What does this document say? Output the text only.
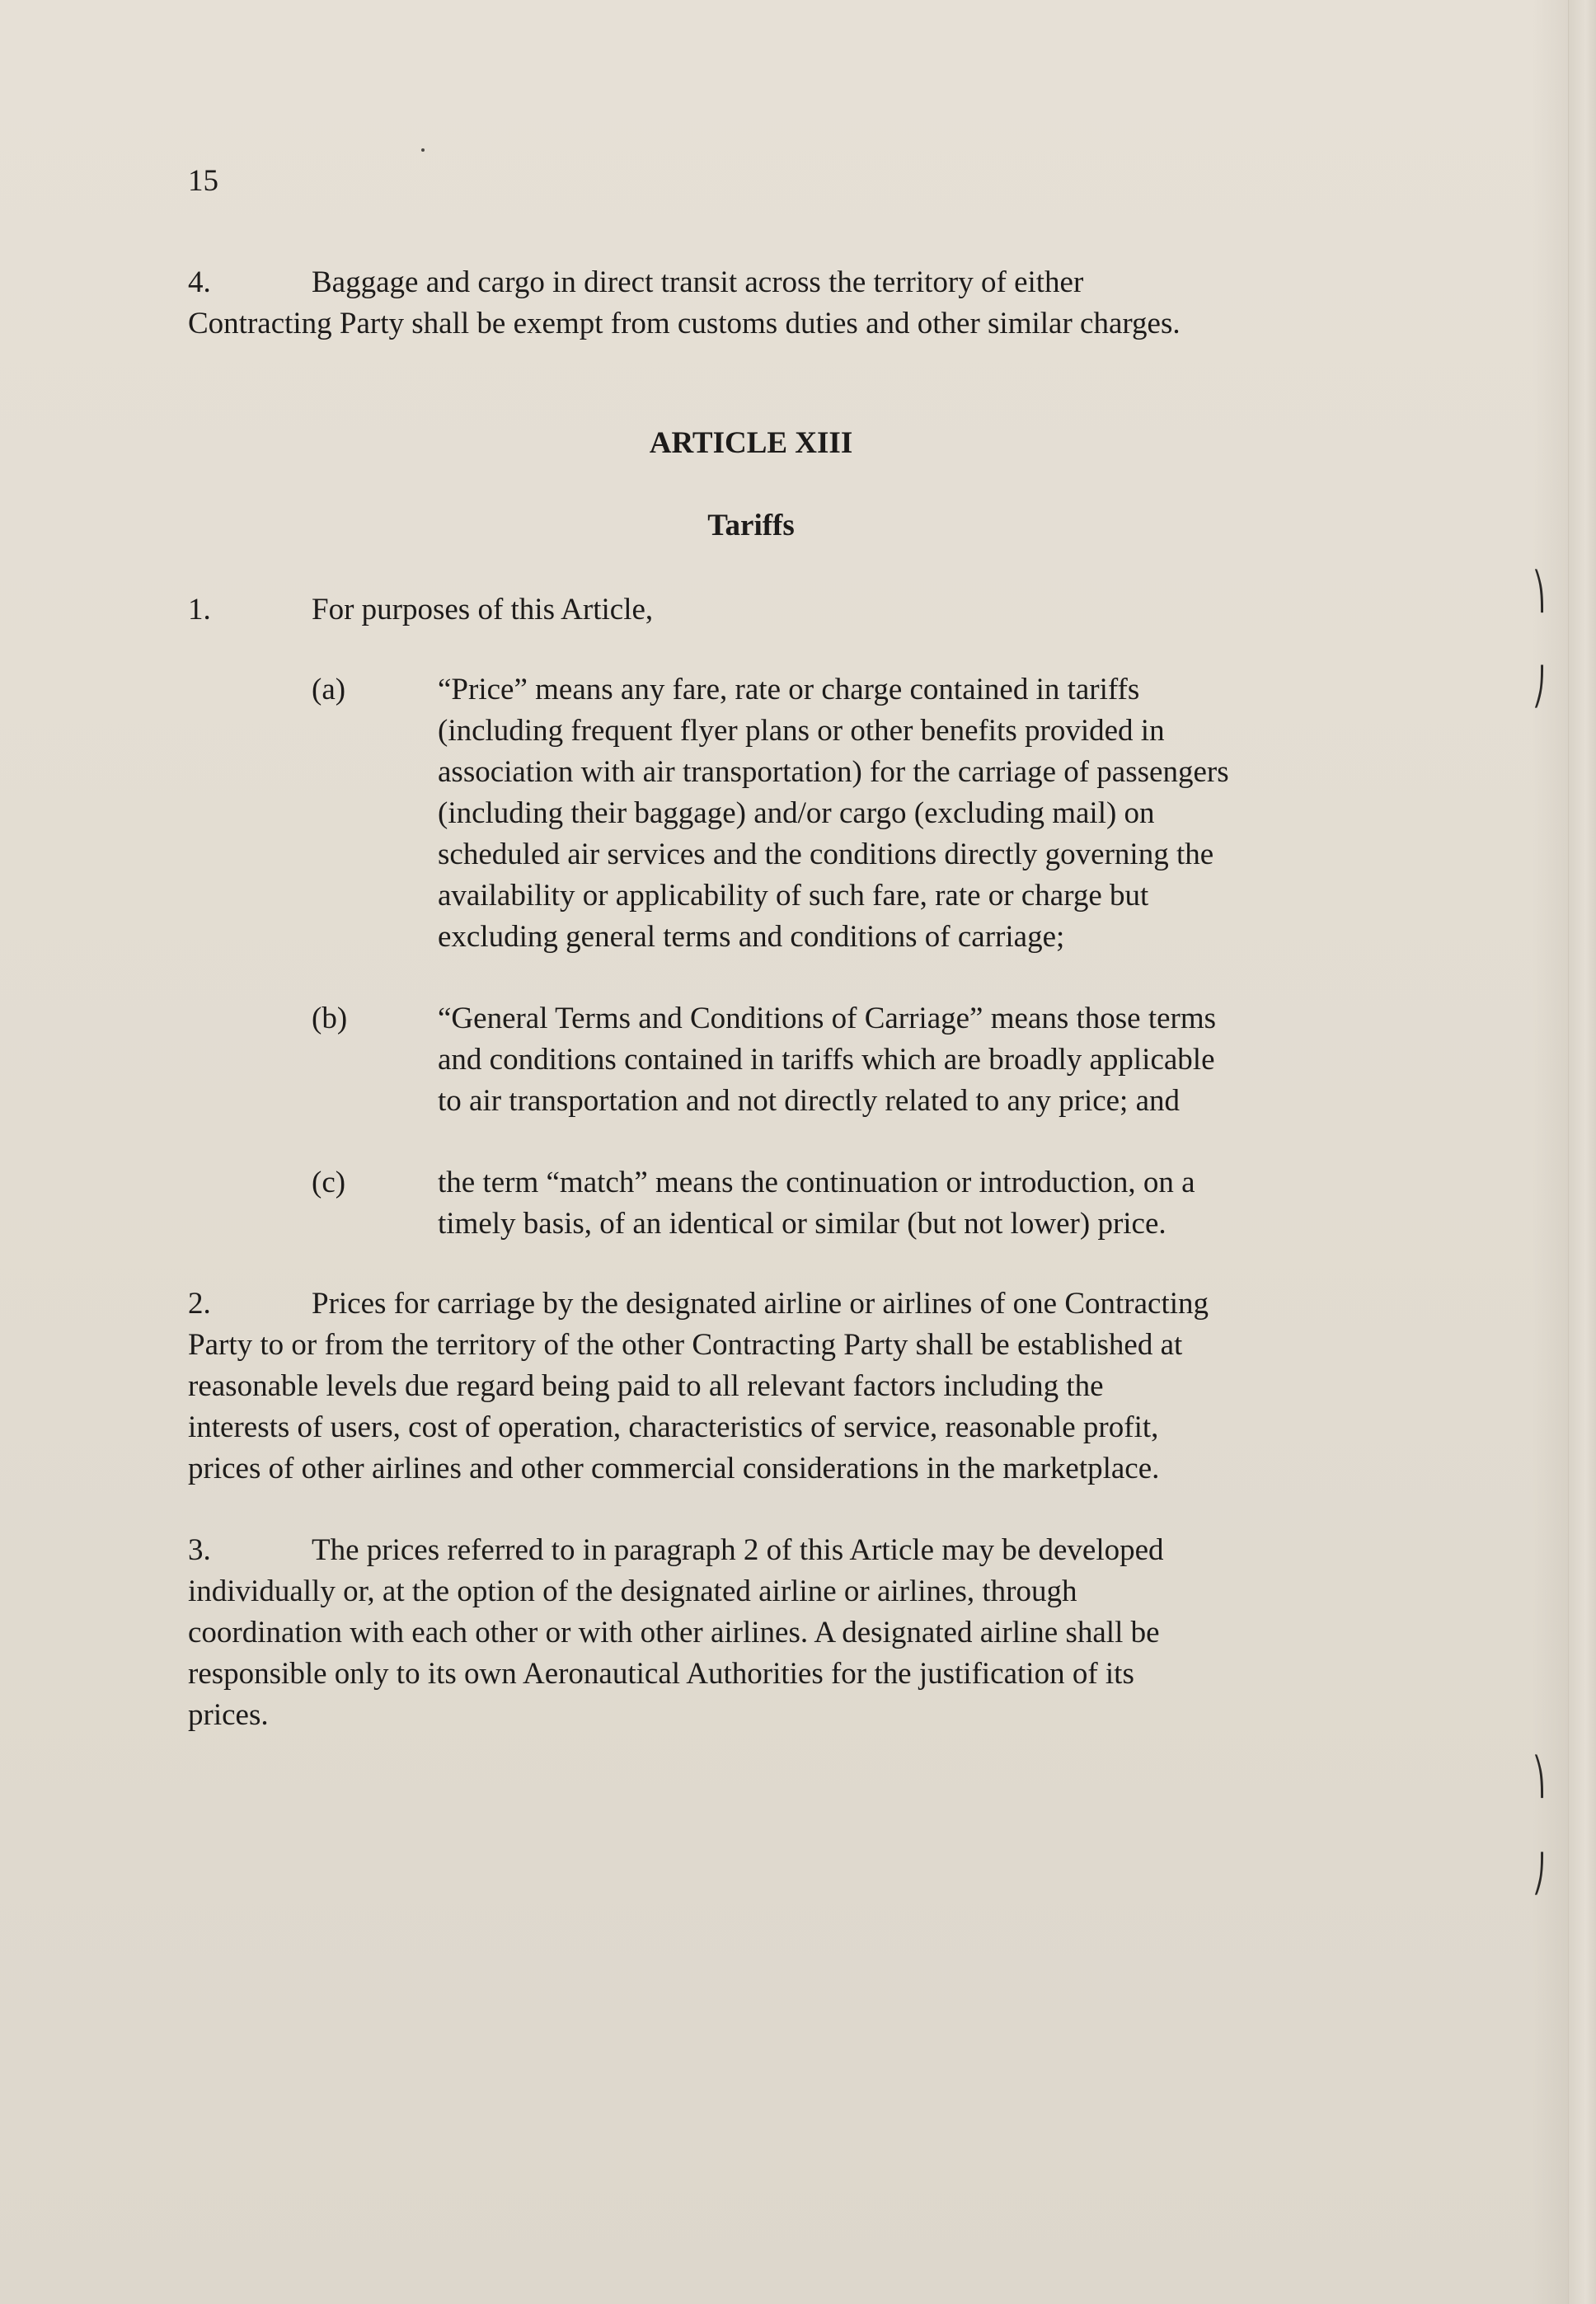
15
4.	Baggage and cargo in direct transit across the territory of either
Contracting Party shall be exempt from customs duties and other similar charges.
ARTICLE XIII
Tariffs
1.	For purposes of this Article,
(a)	“Price” means any fare, rate or charge contained in tariffs
(including frequent flyer plans or other benefits provided in
association with air transportation) for the carriage of passengers
(including their baggage) and/or cargo (excluding mail) on
scheduled air services and the conditions directly governing the
availability or applicability of such fare, rate or charge but
excluding general terms and conditions of carriage;
(b)	“General Terms and Conditions of Carriage” means those terms
and conditions contained in tariffs which are broadly applicable
to air transportation and not directly related to any price; and
(c)	the term “match” means the continuation or introduction, on a
timely basis, of an identical or similar (but not lower) price.
2.	Prices for carriage by the designated airline or airlines of one Contracting
Party to or from the territory of the other Contracting Party shall be established at
reasonable levels due regard being paid to all relevant factors including the
interests of users, cost of operation, characteristics of service, reasonable profit,
prices of other airlines and other commercial considerations in the marketplace.
3.	The prices referred to in paragraph 2 of this Article may be developed
individually or, at the option of the designated airline or airlines, through
coordination with each other or with other airlines. A designated airline shall be
responsible only to its own Aeronautical Authorities for the justification of its
prices.
⎞
⎠
⎞
⎠
